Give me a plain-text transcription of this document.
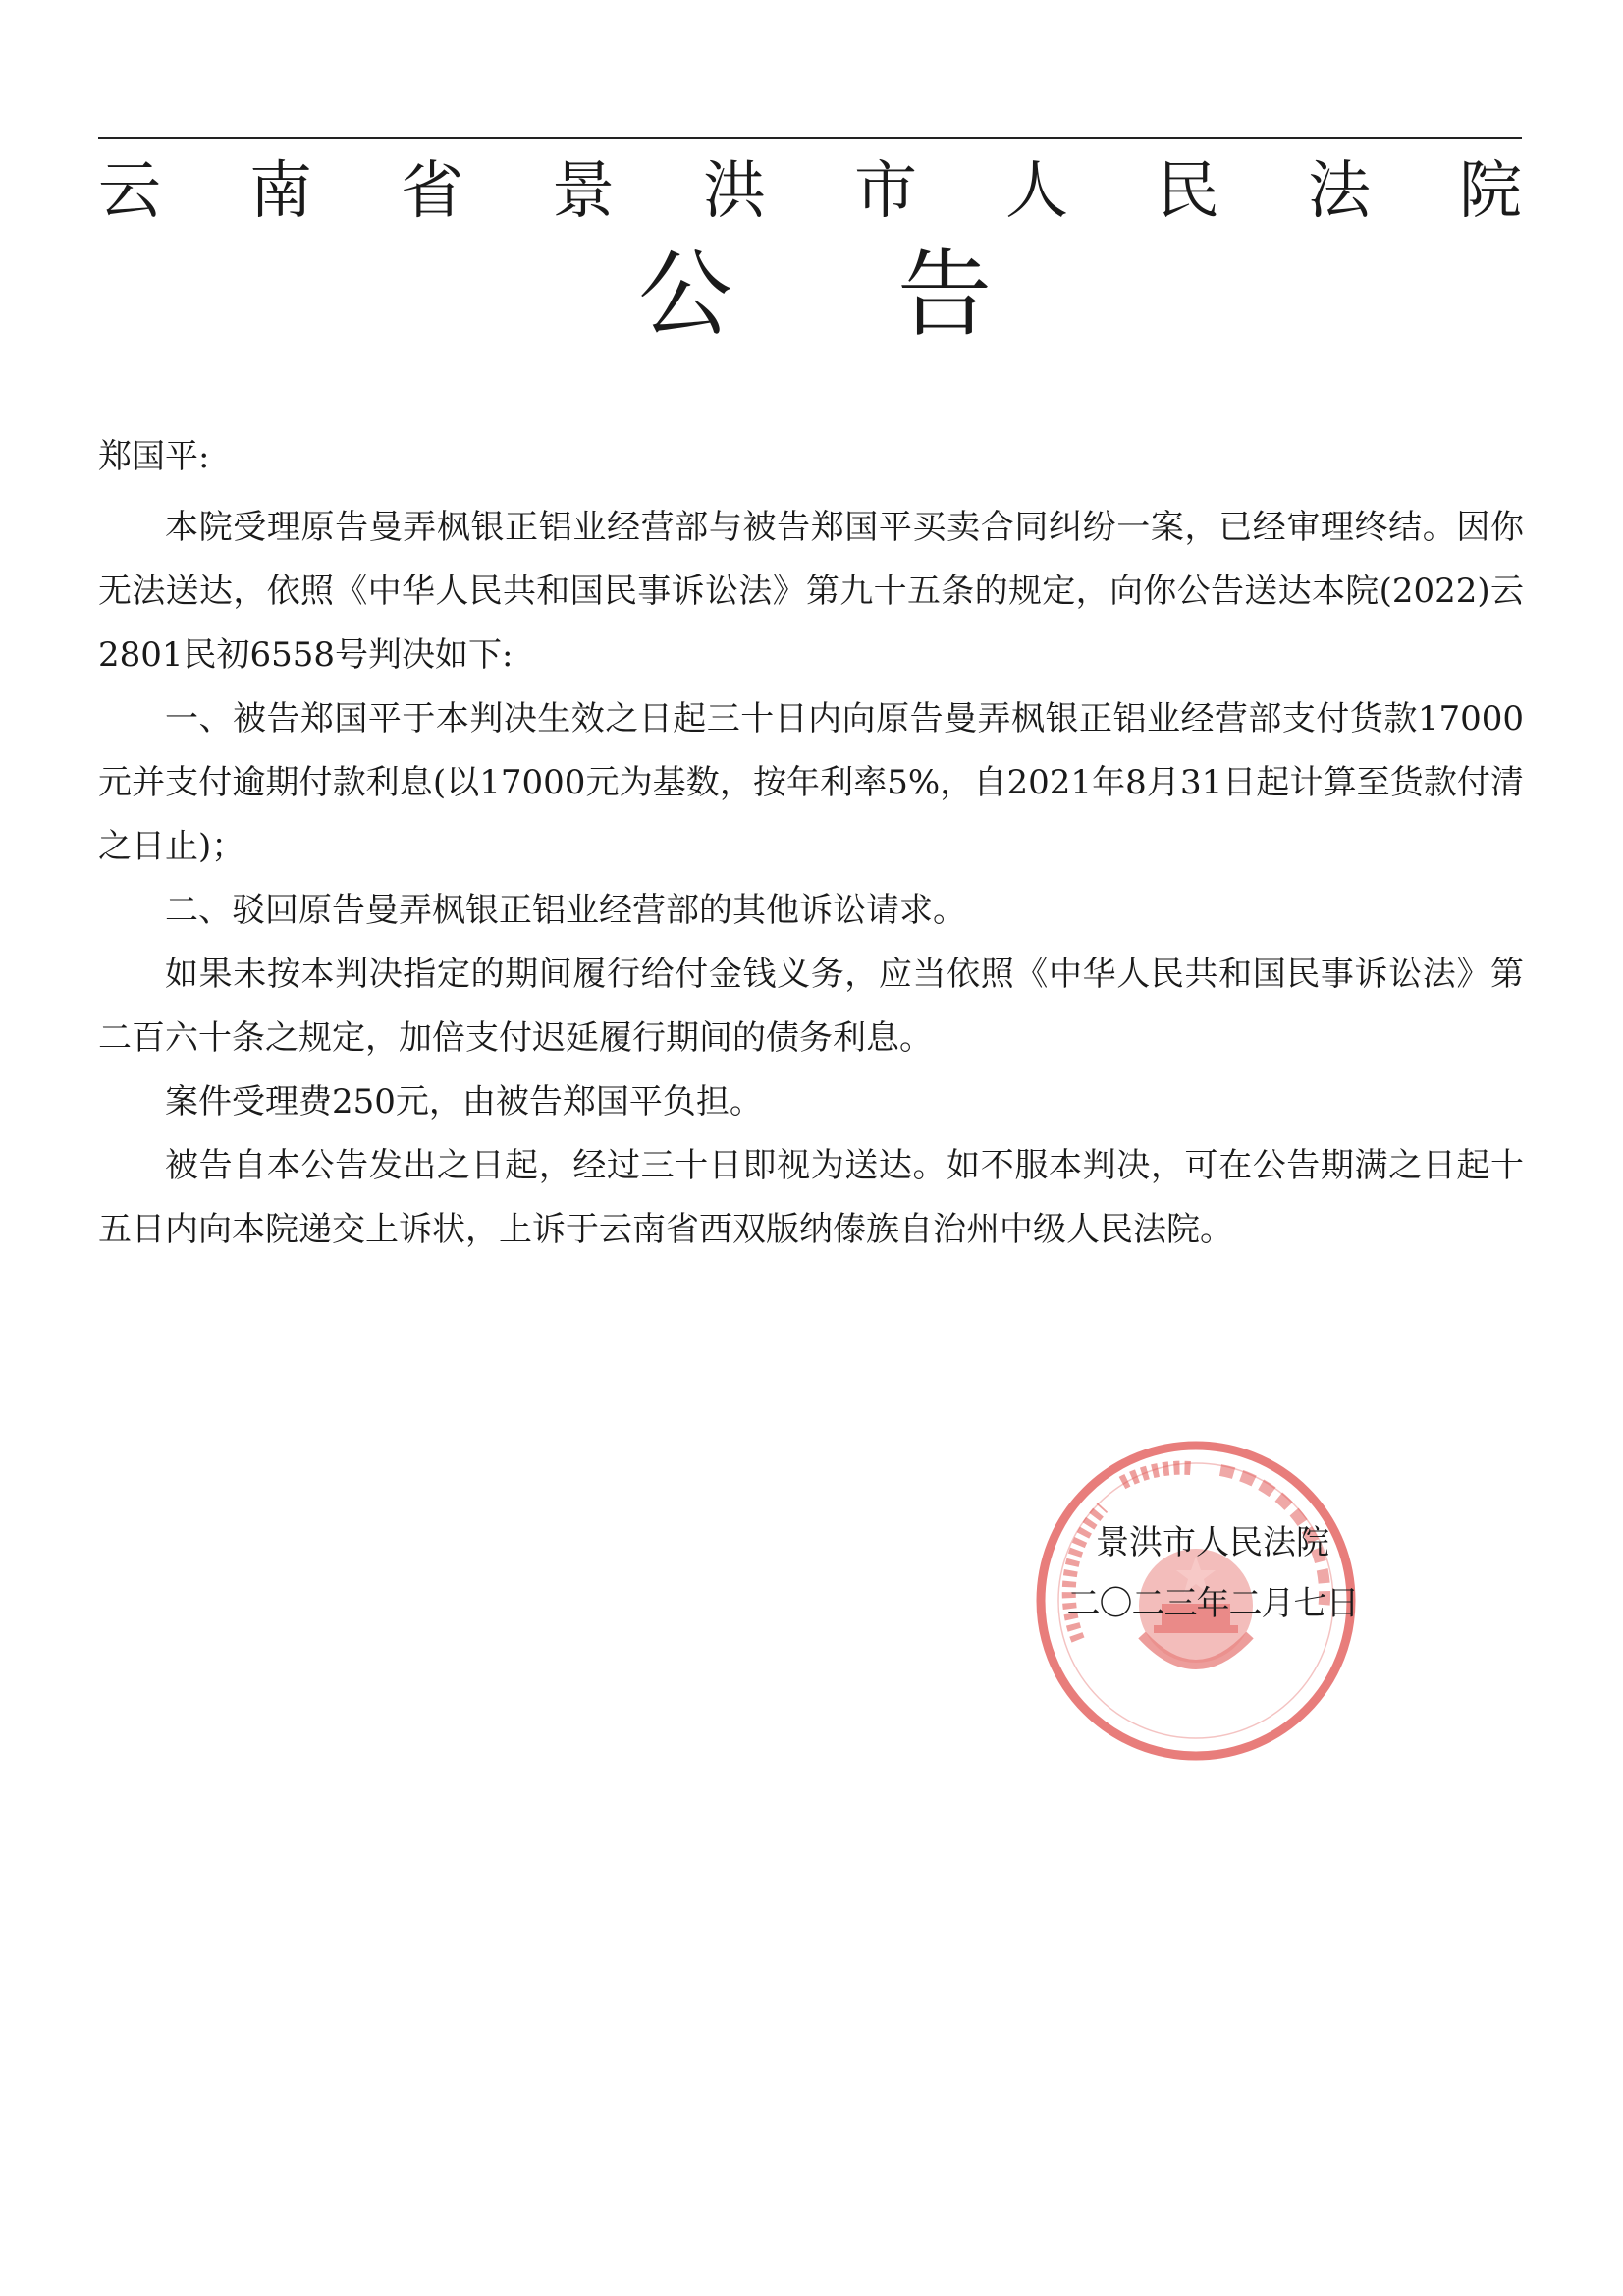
云 南 省 景 洪 市 人 民 法 院
公 告
郑国平:

本院受理原告曼弄枫银正铝业经营部与被告郑国平买卖合同纠纷一案，已经审理终结。因你无法送达，依照《中华人民共和国民事诉讼法》第九十五条的规定，向你公告送达本院(2022)云2801民初6558号判决如下:

一、被告郑国平于本判决生效之日起三十日内向原告曼弄枫银正铝业经营部支付货款17000元并支付逾期付款利息(以17000元为基数，按年利率5%，自2021年8月31日起计算至货款付清之日止)；

二、驳回原告曼弄枫银正铝业经营部的其他诉讼请求。

如果未按本判决指定的期间履行给付金钱义务，应当依照《中华人民共和国民事诉讼法》第二百六十条之规定，加倍支付迟延履行期间的债务利息。

案件受理费250元，由被告郑国平负担。

被告自本公告发出之日起，经过三十日即视为送达。如不服本判决，可在公告期满之日起十五日内向本院递交上诉状，上诉于云南省西双版纳傣族自治州中级人民法院。

景洪市人民法院
二〇二三年二月七日
